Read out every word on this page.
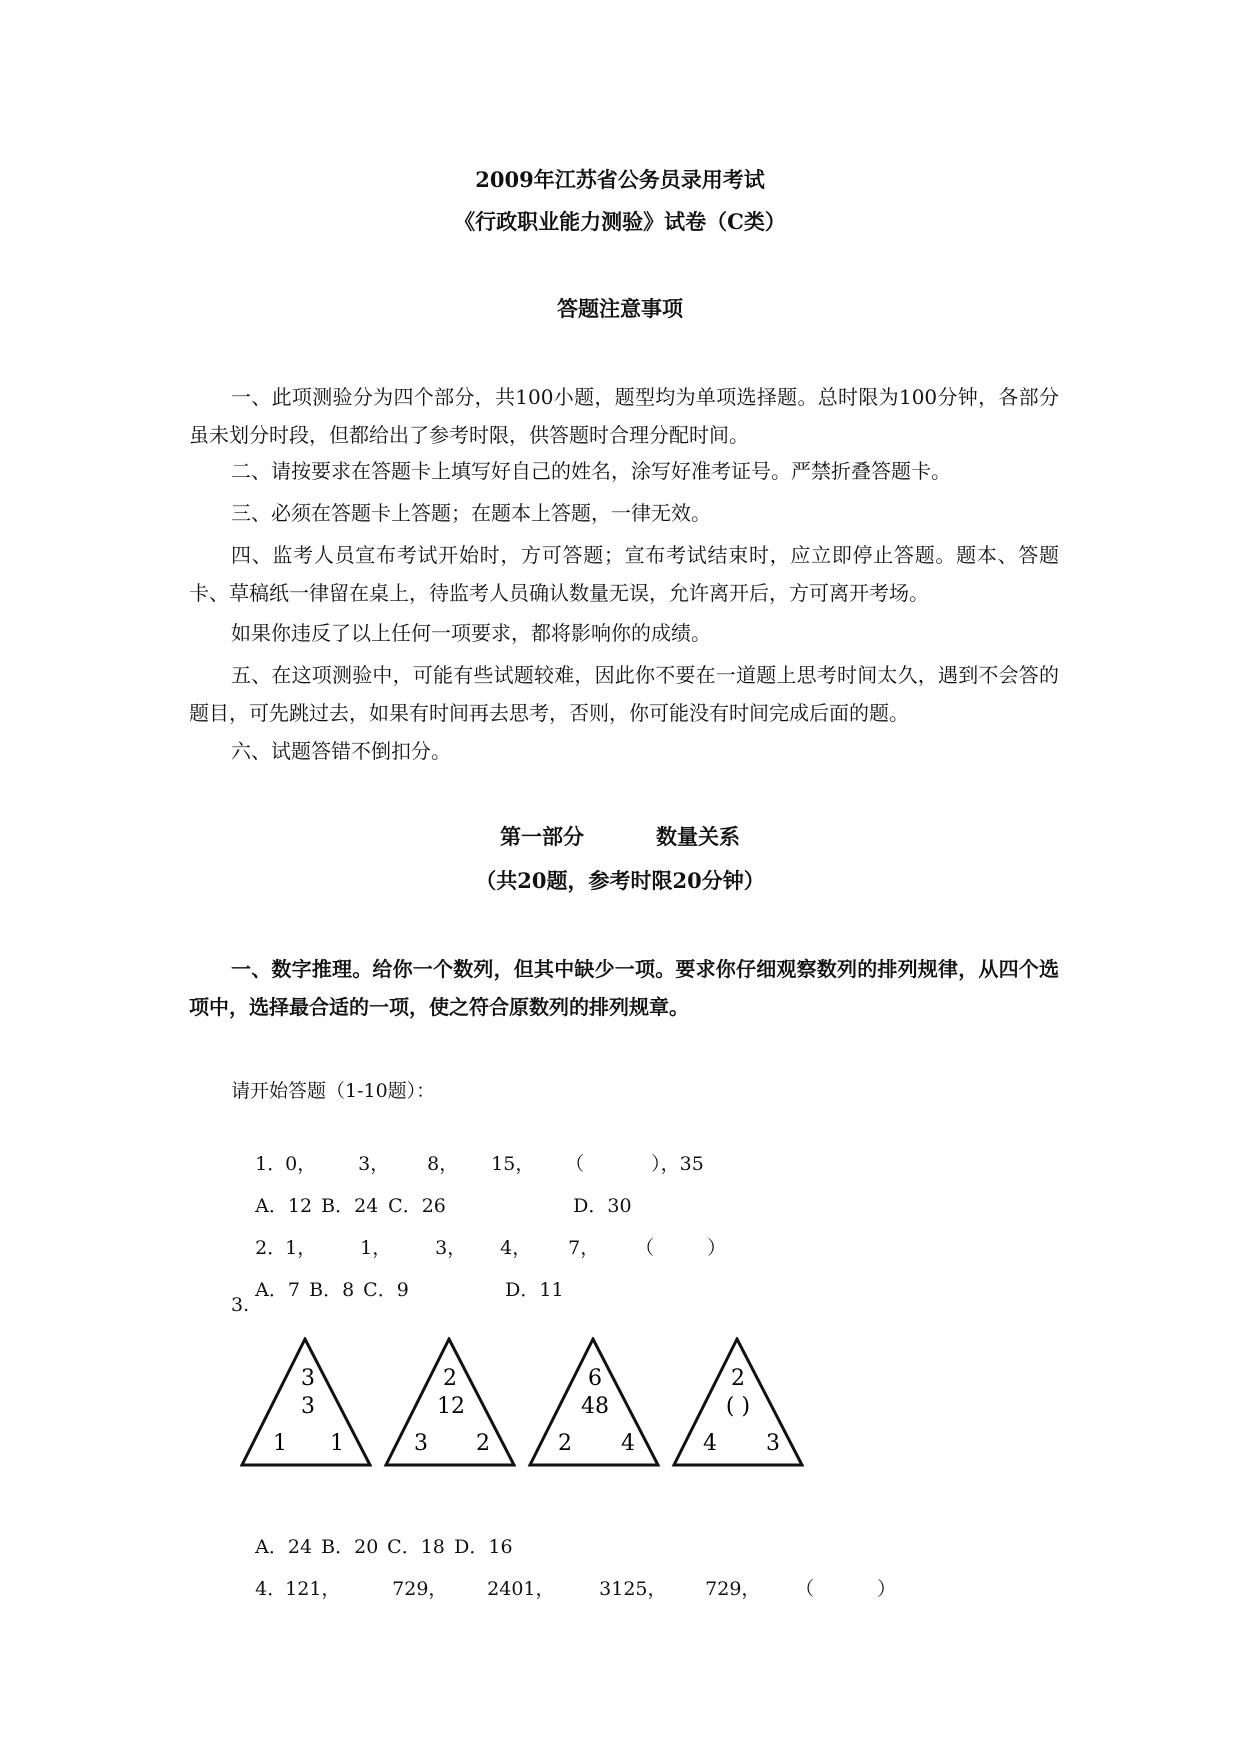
2009年江苏省公务员录用考试
《行政职业能力测验》试卷（C类）
答题注意事项
一、此项测验分为四个部分，共100小题，题型均为单项选择题。总时限为100分钟，各部分虽未划分时段，但都给出了参考时限，供答题时合理分配时间。
二、请按要求在答题卡上填写好自己的姓名，涂写好准考证号。严禁折叠答题卡。
三、必须在答题卡上答题；在题本上答题，一律无效。
四、监考人员宣布考试开始时，方可答题；宣布考试结束时，应立即停止答题。题本、答题卡、草稿纸一律留在桌上，待监考人员确认数量无误，允许离开后，方可离开考场。
如果你违反了以上任何一项要求，都将影响你的成绩。
五、在这项测验中，可能有些试题较难，因此你不要在一道题上思考时间太久，遇到不会答的题目，可先跳过去，如果有时间再去思考，否则，你可能没有时间完成后面的题。
六、试题答错不倒扣分。
第一部分	数量关系
（共20题，参考时限20分钟）
一、数字推理。给你一个数列，但其中缺少一项。要求你仔细观察数列的排列规律，从四个选项中，选择最合适的一项，使之符合原数列的排列规章。
请开始答题（1-10题）：

1．0， 3， 8， 15， （	），35

A．12 B．24 C．26	D．30

2．1， 1， 3， 4， 7， （	）

A．7 B．8 C．9	D．11

3.
3
3
1 1
2
12
3 2
6
48
2 4
2
( )
4 3

A．24 B．20 C．18 D．16

4．121，	729， 2401， 3125， 729， （	）
